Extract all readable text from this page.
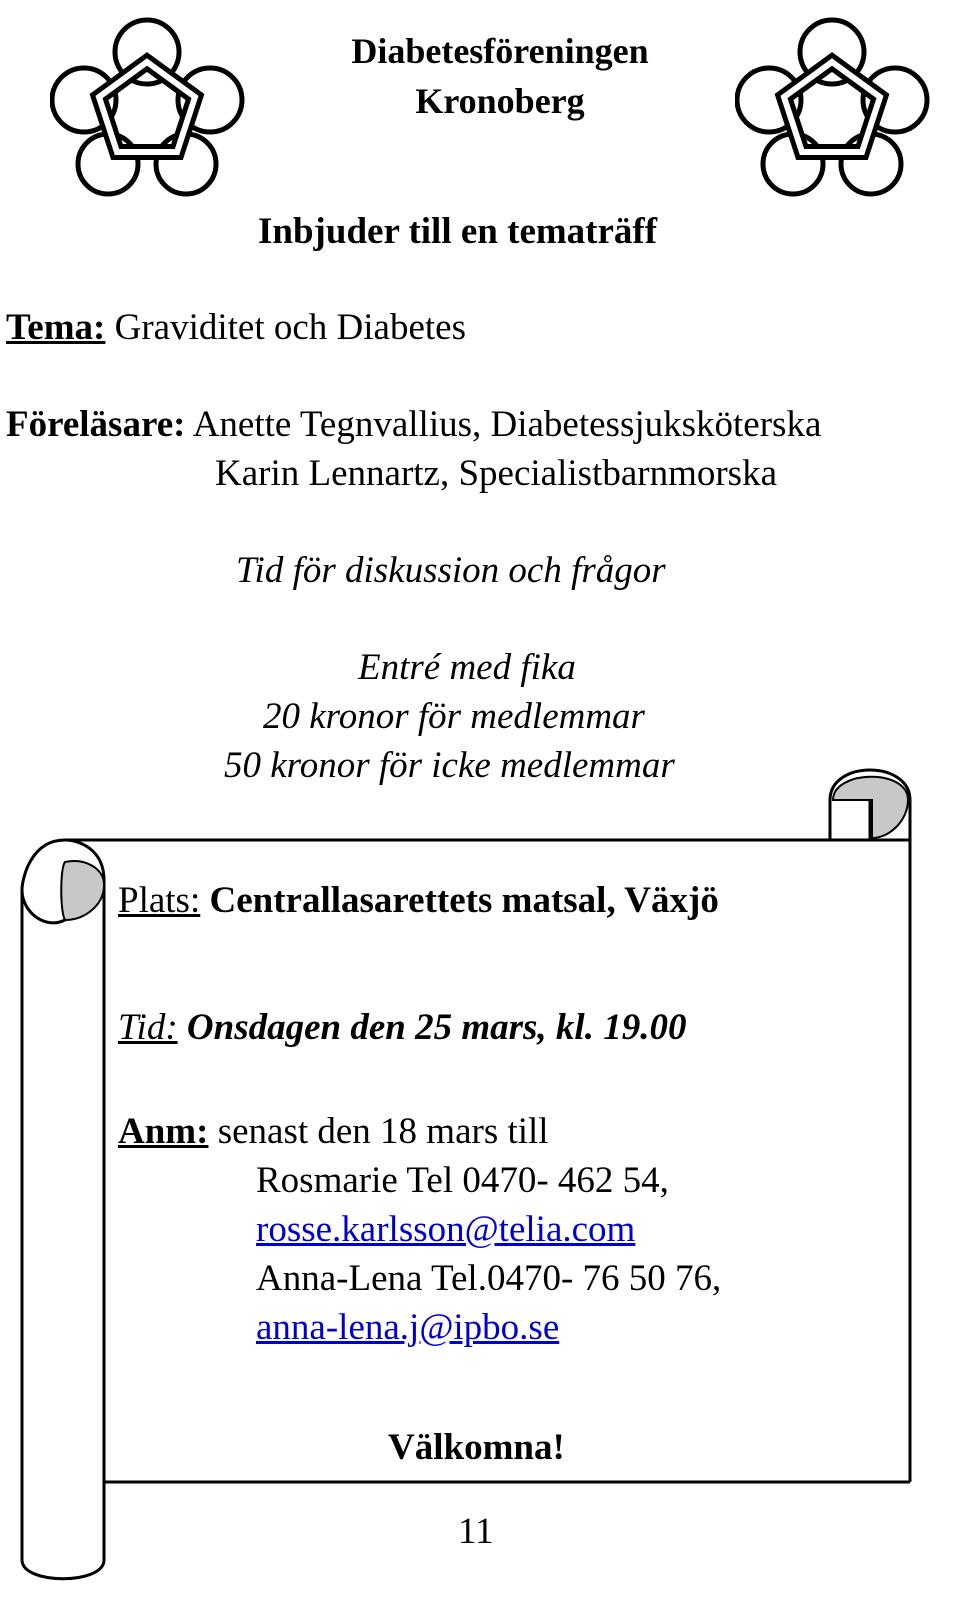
Diabetesföreningen
Kronoberg
Inbjuder till en tematräff
Tema: Graviditet och Diabetes
Föreläsare: Anette Tegnvallius, Diabetessjuksköterska
Karin Lennartz, Specialistbarnmorska
Tid för diskussion och frågor
Entré med fika
20 kronor för medlemmar
50 kronor för icke medlemmar
Plats: Centrallasarettets matsal, Växjö
Tid: Onsdagen den 25 mars, kl. 19.00
Anm: senast den 18 mars till
Rosmarie Tel 0470- 462 54,
rosse.karlsson@telia.com
Anna-Lena Tel.0470- 76 50 76,
anna-lena.j@ipbo.se
Välkomna!
11
